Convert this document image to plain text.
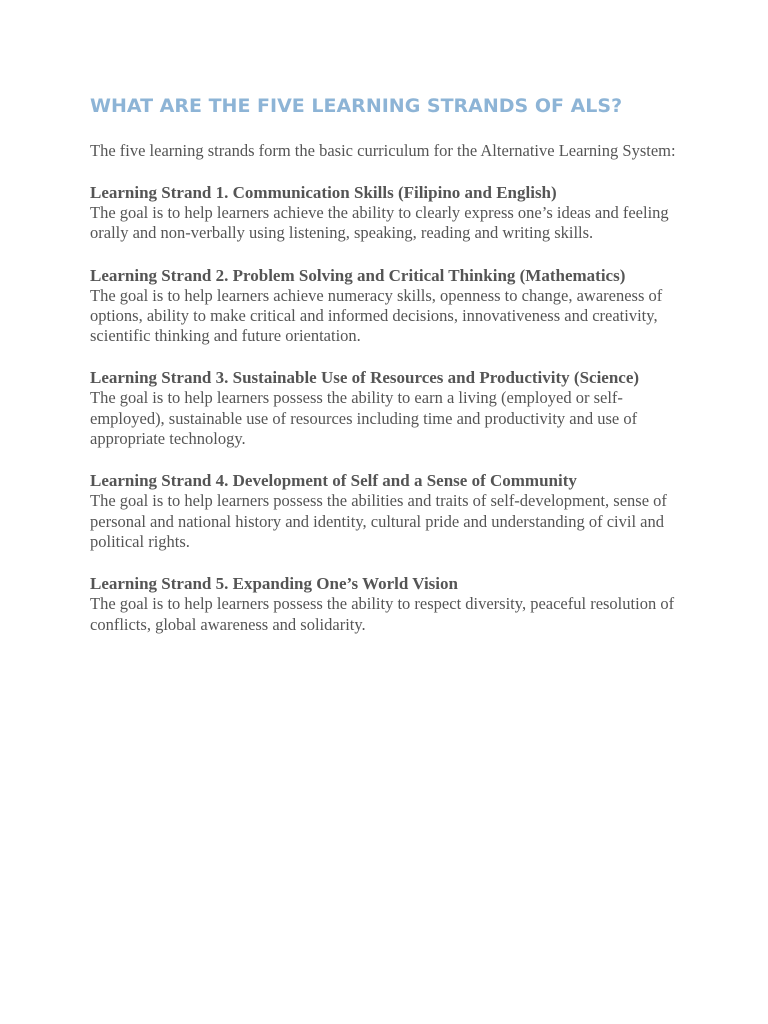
WHAT ARE THE FIVE LEARNING STRANDS OF ALS?

The five learning strands form the basic curriculum for the Alternative Learning System:

Learning Strand 1. Communication Skills (Filipino and English)

The goal is to help learners achieve the ability to clearly express one’s ideas and feeling orally and non-verbally using listening, speaking, reading and writing skills.

Learning Strand 2. Problem Solving and Critical Thinking (Mathematics)

The goal is to help learners achieve numeracy skills, openness to change, awareness of options, ability to make critical and informed decisions, innovativeness and creativity, scientific thinking and future orientation.

Learning Strand 3. Sustainable Use of Resources and Productivity (Science)

The goal is to help learners possess the ability to earn a living (employed or self-employed), sustainable use of resources including time and productivity and use of appropriate technology.

Learning Strand 4. Development of Self and a Sense of Community

The goal is to help learners possess the abilities and traits of self-development, sense of personal and national history and identity, cultural pride and understanding of civil and political rights.

Learning Strand 5. Expanding One’s World Vision

The goal is to help learners possess the ability to respect diversity, peaceful resolution of conflicts, global awareness and solidarity.
